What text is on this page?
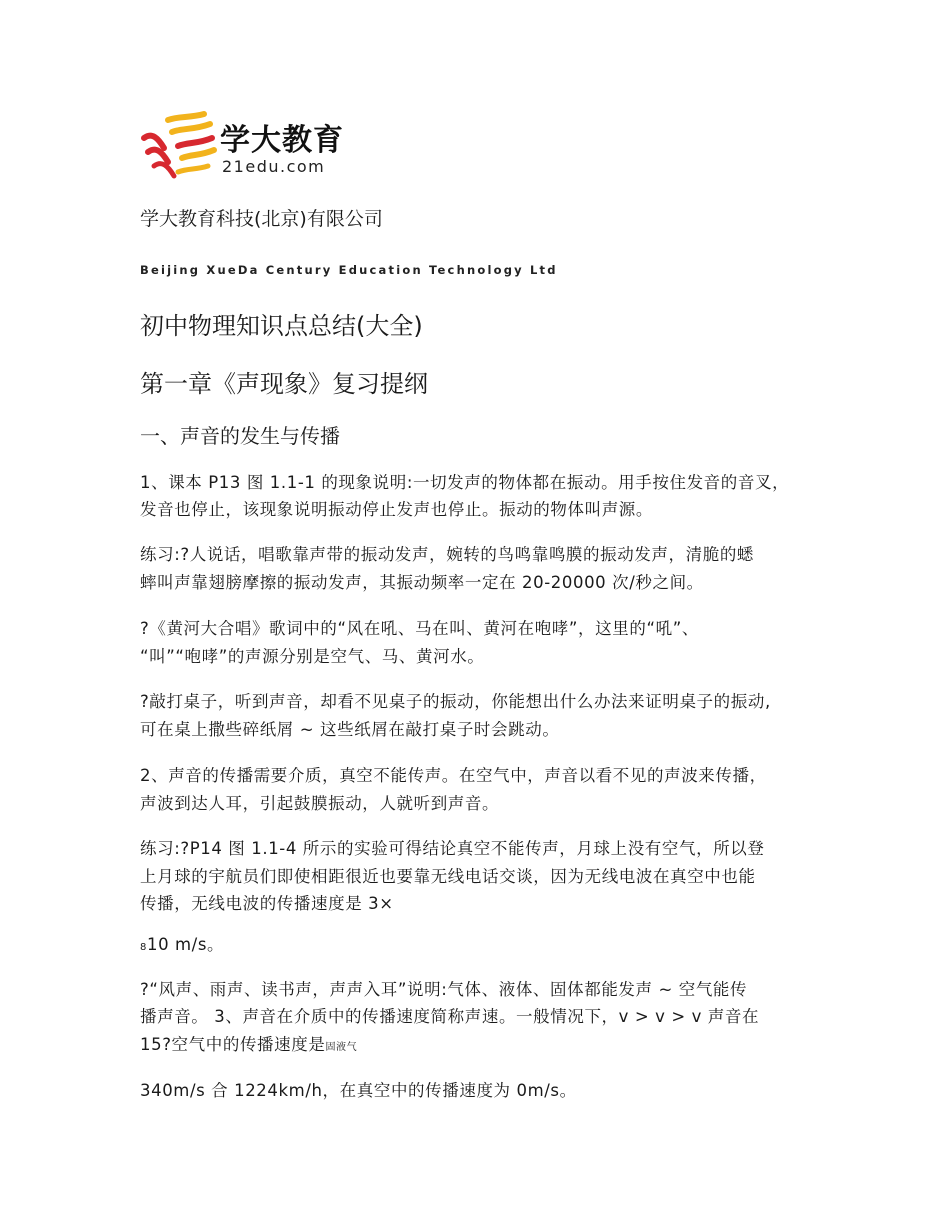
学大教育
21edu.com
学大教育科技(北京)有限公司
Beijing XueDa Century Education Technology Ltd
初中物理知识点总结(大全)
第一章《声现象》复习提纲
一、声音的发生与传播
1、课本 P13 图 1.1-1 的现象说明:一切发声的物体都在振动。用手按住发音的音叉，
发音也停止，该现象说明振动停止发声也停止。振动的物体叫声源。
练习:?人说话，唱歌靠声带的振动发声，婉转的鸟鸣靠鸣膜的振动发声，清脆的蟋
蟀叫声靠翅膀摩擦的振动发声，其振动频率一定在 20-20000 次/秒之间。
?《黄河大合唱》歌词中的“风在吼、马在叫、黄河在咆哮”，这里的“吼”、
“叫”“咆哮”的声源分别是空气、马、黄河水。
?敲打桌子，听到声音，却看不见桌子的振动，你能想出什么办法来证明桌子的振动,
可在桌上撒些碎纸屑 ~ 这些纸屑在敲打桌子时会跳动。
2、声音的传播需要介质，真空不能传声。在空气中，声音以看不见的声波来传播，
声波到达人耳，引起鼓膜振动，人就听到声音。
练习:?P14 图 1.1-4 所示的实验可得结论真空不能传声，月球上没有空气，所以登
上月球的宇航员们即使相距很近也要靠无线电话交谈，因为无线电波在真空中也能
传播，无线电波的传播速度是 3×
810 m/s。
?“风声、雨声、读书声，声声入耳”说明:气体、液体、固体都能发声 ~ 空气能传
播声音。 3、声音在介质中的传播速度简称声速。一般情况下，v > v > v 声音在
15?空气中的传播速度是固液气
340m/s 合 1224km/h，在真空中的传播速度为 0m/s。
